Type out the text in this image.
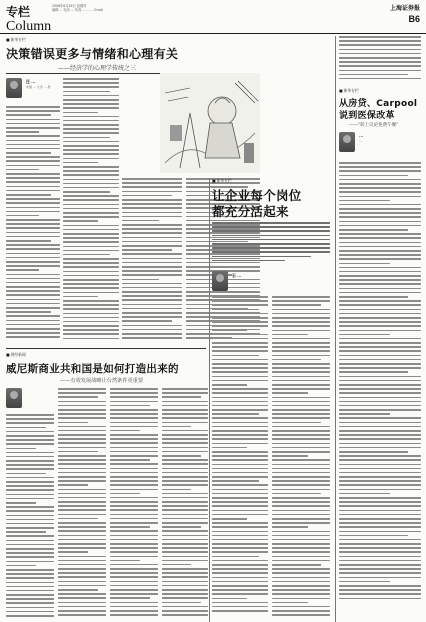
专栏
Column
2008年6月26日 星期四
编辑 ... 电话 ... 传真 ... ... ... Email	上海证券报
B6
■ 新华专栏
决策错误更多与情绪和心理有关
——经济学的心理学传统之三
汪 ...
中国 ... 大学 ... 授
■ 新华专栏
让企业每个岗位
都充分活起来
石 ...
■ 新华专栏
从房贷、Carpool
说到医保改革
——"转上议论免费午餐"
...
...
■ 财经新闻
威尼斯商业共和国是如何打造出来的
——有效发展战略让台然条件更重要
